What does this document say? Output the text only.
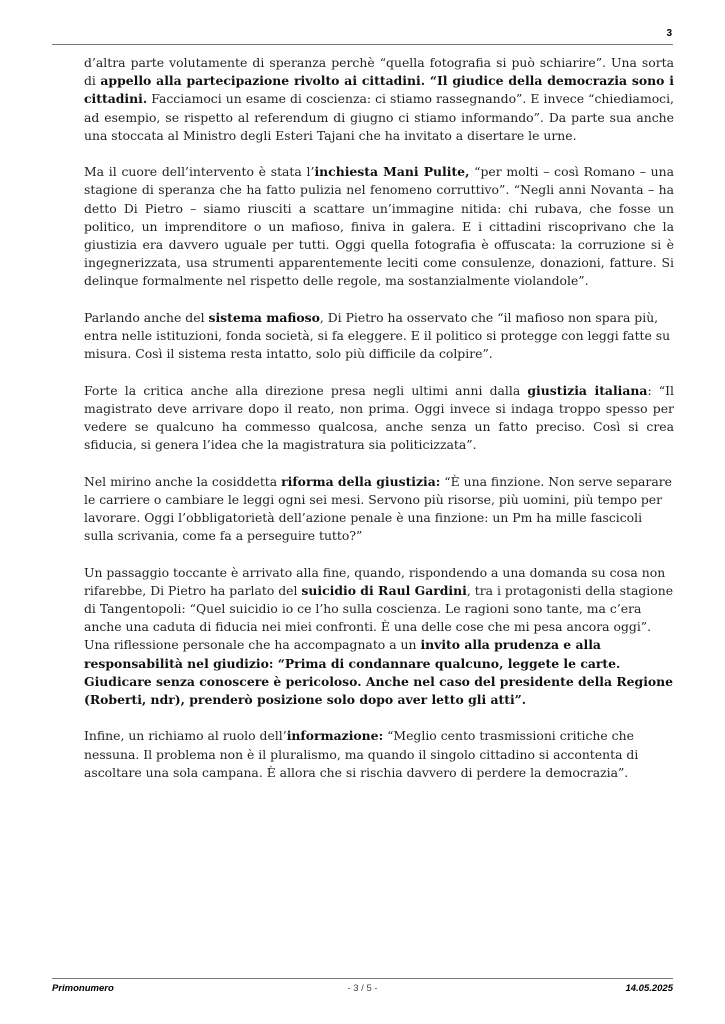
3

d’altra parte volutamente di speranza perchè “quella fotografia si può schiarire”. Una sorta di appello alla partecipazione rivolto ai cittadini. “Il giudice della democrazia sono i cittadini. Facciamoci un esame di coscienza: ci stiamo rassegnando”. E invece “chiediamoci, ad esempio, se rispetto al referendum di giugno ci stiamo informando”. Da parte sua anche una stoccata al Ministro degli Esteri Tajani che ha invitato a disertare le urne.

Ma il cuore dell’intervento è stata l’inchiesta Mani Pulite, “per molti – così Romano – una stagione di speranza che ha fatto pulizia nel fenomeno corruttivo”. “Negli anni Novanta – ha detto Di Pietro – siamo riusciti a scattare un’immagine nitida: chi rubava, che fosse un politico, un imprenditore o un mafioso, finiva in galera. E i cittadini riscoprivano che la giustizia era davvero uguale per tutti. Oggi quella fotografia è offuscata: la corruzione si è ingegnerizzata, usa strumenti apparentemente leciti come consulenze, donazioni, fatture. Si delinque formalmente nel rispetto delle regole, ma sostanzialmente violandole”.

Parlando anche del sistema mafioso, Di Pietro ha osservato che “il mafioso non spara più, entra nelle istituzioni, fonda società, si fa eleggere. E il politico si protegge con leggi fatte su misura. Così il sistema resta intatto, solo più difficile da colpire”.

Forte la critica anche alla direzione presa negli ultimi anni dalla giustizia italiana: “Il magistrato deve arrivare dopo il reato, non prima. Oggi invece si indaga troppo spesso per vedere se qualcuno ha commesso qualcosa, anche senza un fatto preciso. Così si crea sfiducia, si genera l’idea che la magistratura sia politicizzata”.

Nel mirino anche la cosiddetta riforma della giustizia: “È una finzione. Non serve separare le carriere o cambiare le leggi ogni sei mesi. Servono più risorse, più uomini, più tempo per lavorare. Oggi l’obbligatorietà dell’azione penale è una finzione: un Pm ha mille fascicoli sulla scrivania, come fa a perseguire tutto?”

Un passaggio toccante è arrivato alla fine, quando, rispondendo a una domanda su cosa non rifarebbe, Di Pietro ha parlato del suicidio di Raul Gardini, tra i protagonisti della stagione di Tangentopoli: “Quel suicidio io ce l’ho sulla coscienza. Le ragioni sono tante, ma c’era anche una caduta di fiducia nei miei confronti. È una delle cose che mi pesa ancora oggi”. Una riflessione personale che ha accompagnato a un invito alla prudenza e alla responsabilità nel giudizio: “Prima di condannare qualcuno, leggete le carte. Giudicare senza conoscere è pericoloso. Anche nel caso del presidente della Regione (Roberti, ndr), prenderò posizione solo dopo aver letto gli atti”.

Infine, un richiamo al ruolo dell’informazione: “Meglio cento trasmissioni critiche che nessuna. Il problema non è il pluralismo, ma quando il singolo cittadino si accontenta di ascoltare una sola campana. È allora che si rischia davvero di perdere la democrazia”.

Primonumero	- 3 / 5 -	14.05.2025
